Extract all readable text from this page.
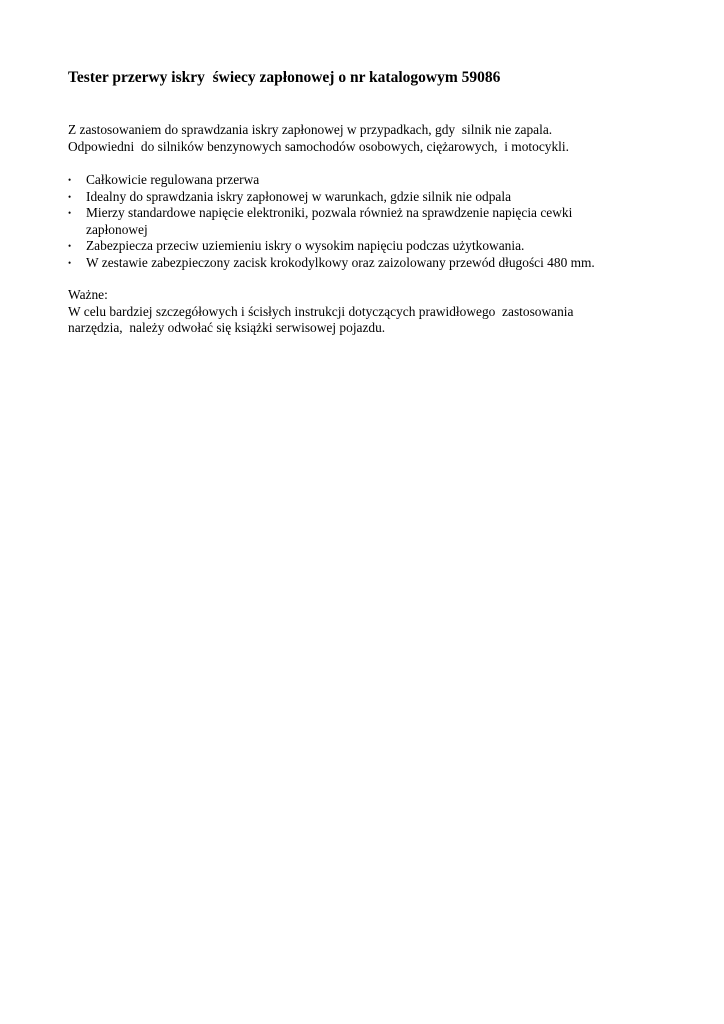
Tester przerwy iskry  świecy zapłonowej o nr katalogowym 59086

Z zastosowaniem do sprawdzania iskry zapłonowej w przypadkach, gdy  silnik nie zapala.
Odpowiedni  do silników benzynowych samochodów osobowych, ciężarowych,  i motocykli.

• Całkowicie regulowana przerwa
• Idealny do sprawdzania iskry zapłonowej w warunkach, gdzie silnik nie odpala
• Mierzy standardowe napięcie elektroniki, pozwala również na sprawdzenie napięcia cewki
zapłonowej
• Zabezpiecza przeciw uziemieniu iskry o wysokim napięciu podczas użytkowania.
• W zestawie zabezpieczony zacisk krokodylkowy oraz zaizolowany przewód długości 480 mm.

Ważne:
W celu bardziej szczegółowych i ścisłych instrukcji dotyczących prawidłowego  zastosowania
narzędzia,  należy odwołać się książki serwisowej pojazdu.
